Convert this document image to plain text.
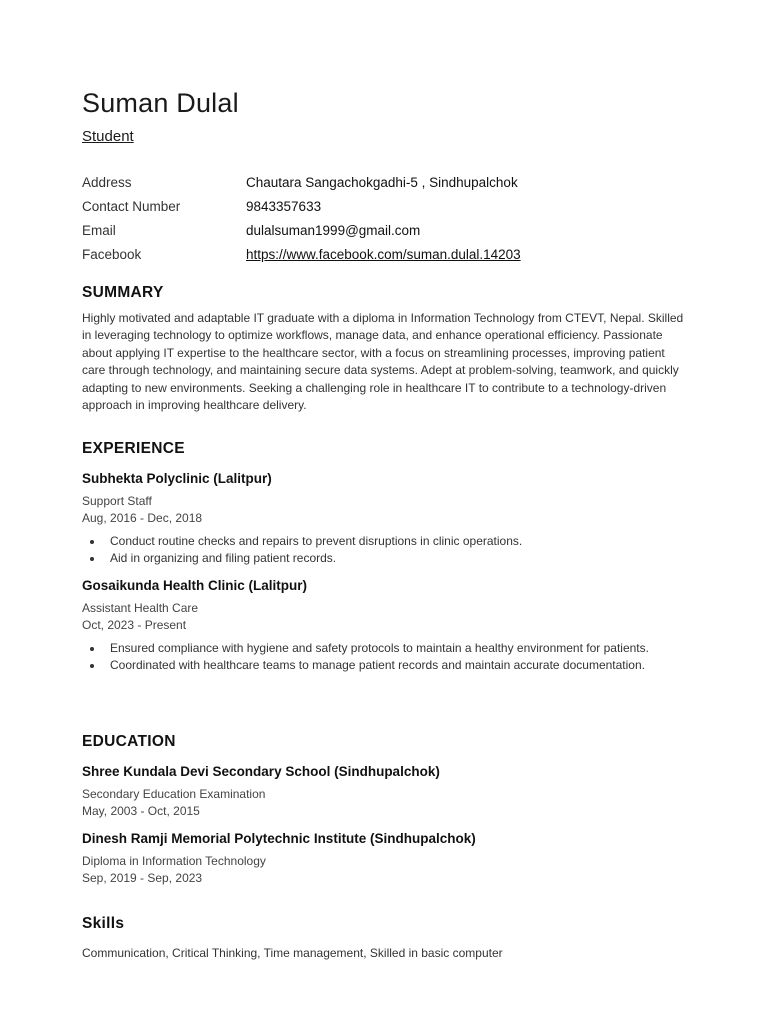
Suman Dulal
Student
Address	Chautara Sangachokgadhi-5 , Sindhupalchok
Contact Number	9843357633
Email	dulalsuman1999@gmail.com
Facebook	https://www.facebook.com/suman.dulal.14203
SUMMARY
Highly motivated and adaptable IT graduate with a diploma in Information Technology from CTEVT, Nepal. Skilled in leveraging technology to optimize workflows, manage data, and enhance operational efficiency. Passionate about applying IT expertise to the healthcare sector, with a focus on streamlining processes, improving patient care through technology, and maintaining secure data systems. Adept at problem-solving, teamwork, and quickly adapting to new environments. Seeking a challenging role in healthcare IT to contribute to a technology-driven approach in improving healthcare delivery.
EXPERIENCE
Subhekta Polyclinic (Lalitpur)
Support Staff
Aug, 2016 - Dec, 2018
• Conduct routine checks and repairs to prevent disruptions in clinic operations.
• Aid in organizing and filing patient records.
Gosaikunda Health Clinic (Lalitpur)
Assistant Health Care
Oct, 2023 - Present
• Ensured compliance with hygiene and safety protocols to maintain a healthy environment for patients.
• Coordinated with healthcare teams to manage patient records and maintain accurate documentation.
EDUCATION
Shree Kundala Devi Secondary School (Sindhupalchok)
Secondary Education Examination
May, 2003 - Oct, 2015
Dinesh Ramji Memorial Polytechnic Institute (Sindhupalchok)
Diploma in Information Technology
Sep, 2019 - Sep, 2023
Skills
Communication, Critical Thinking, Time management, Skilled in basic computer
